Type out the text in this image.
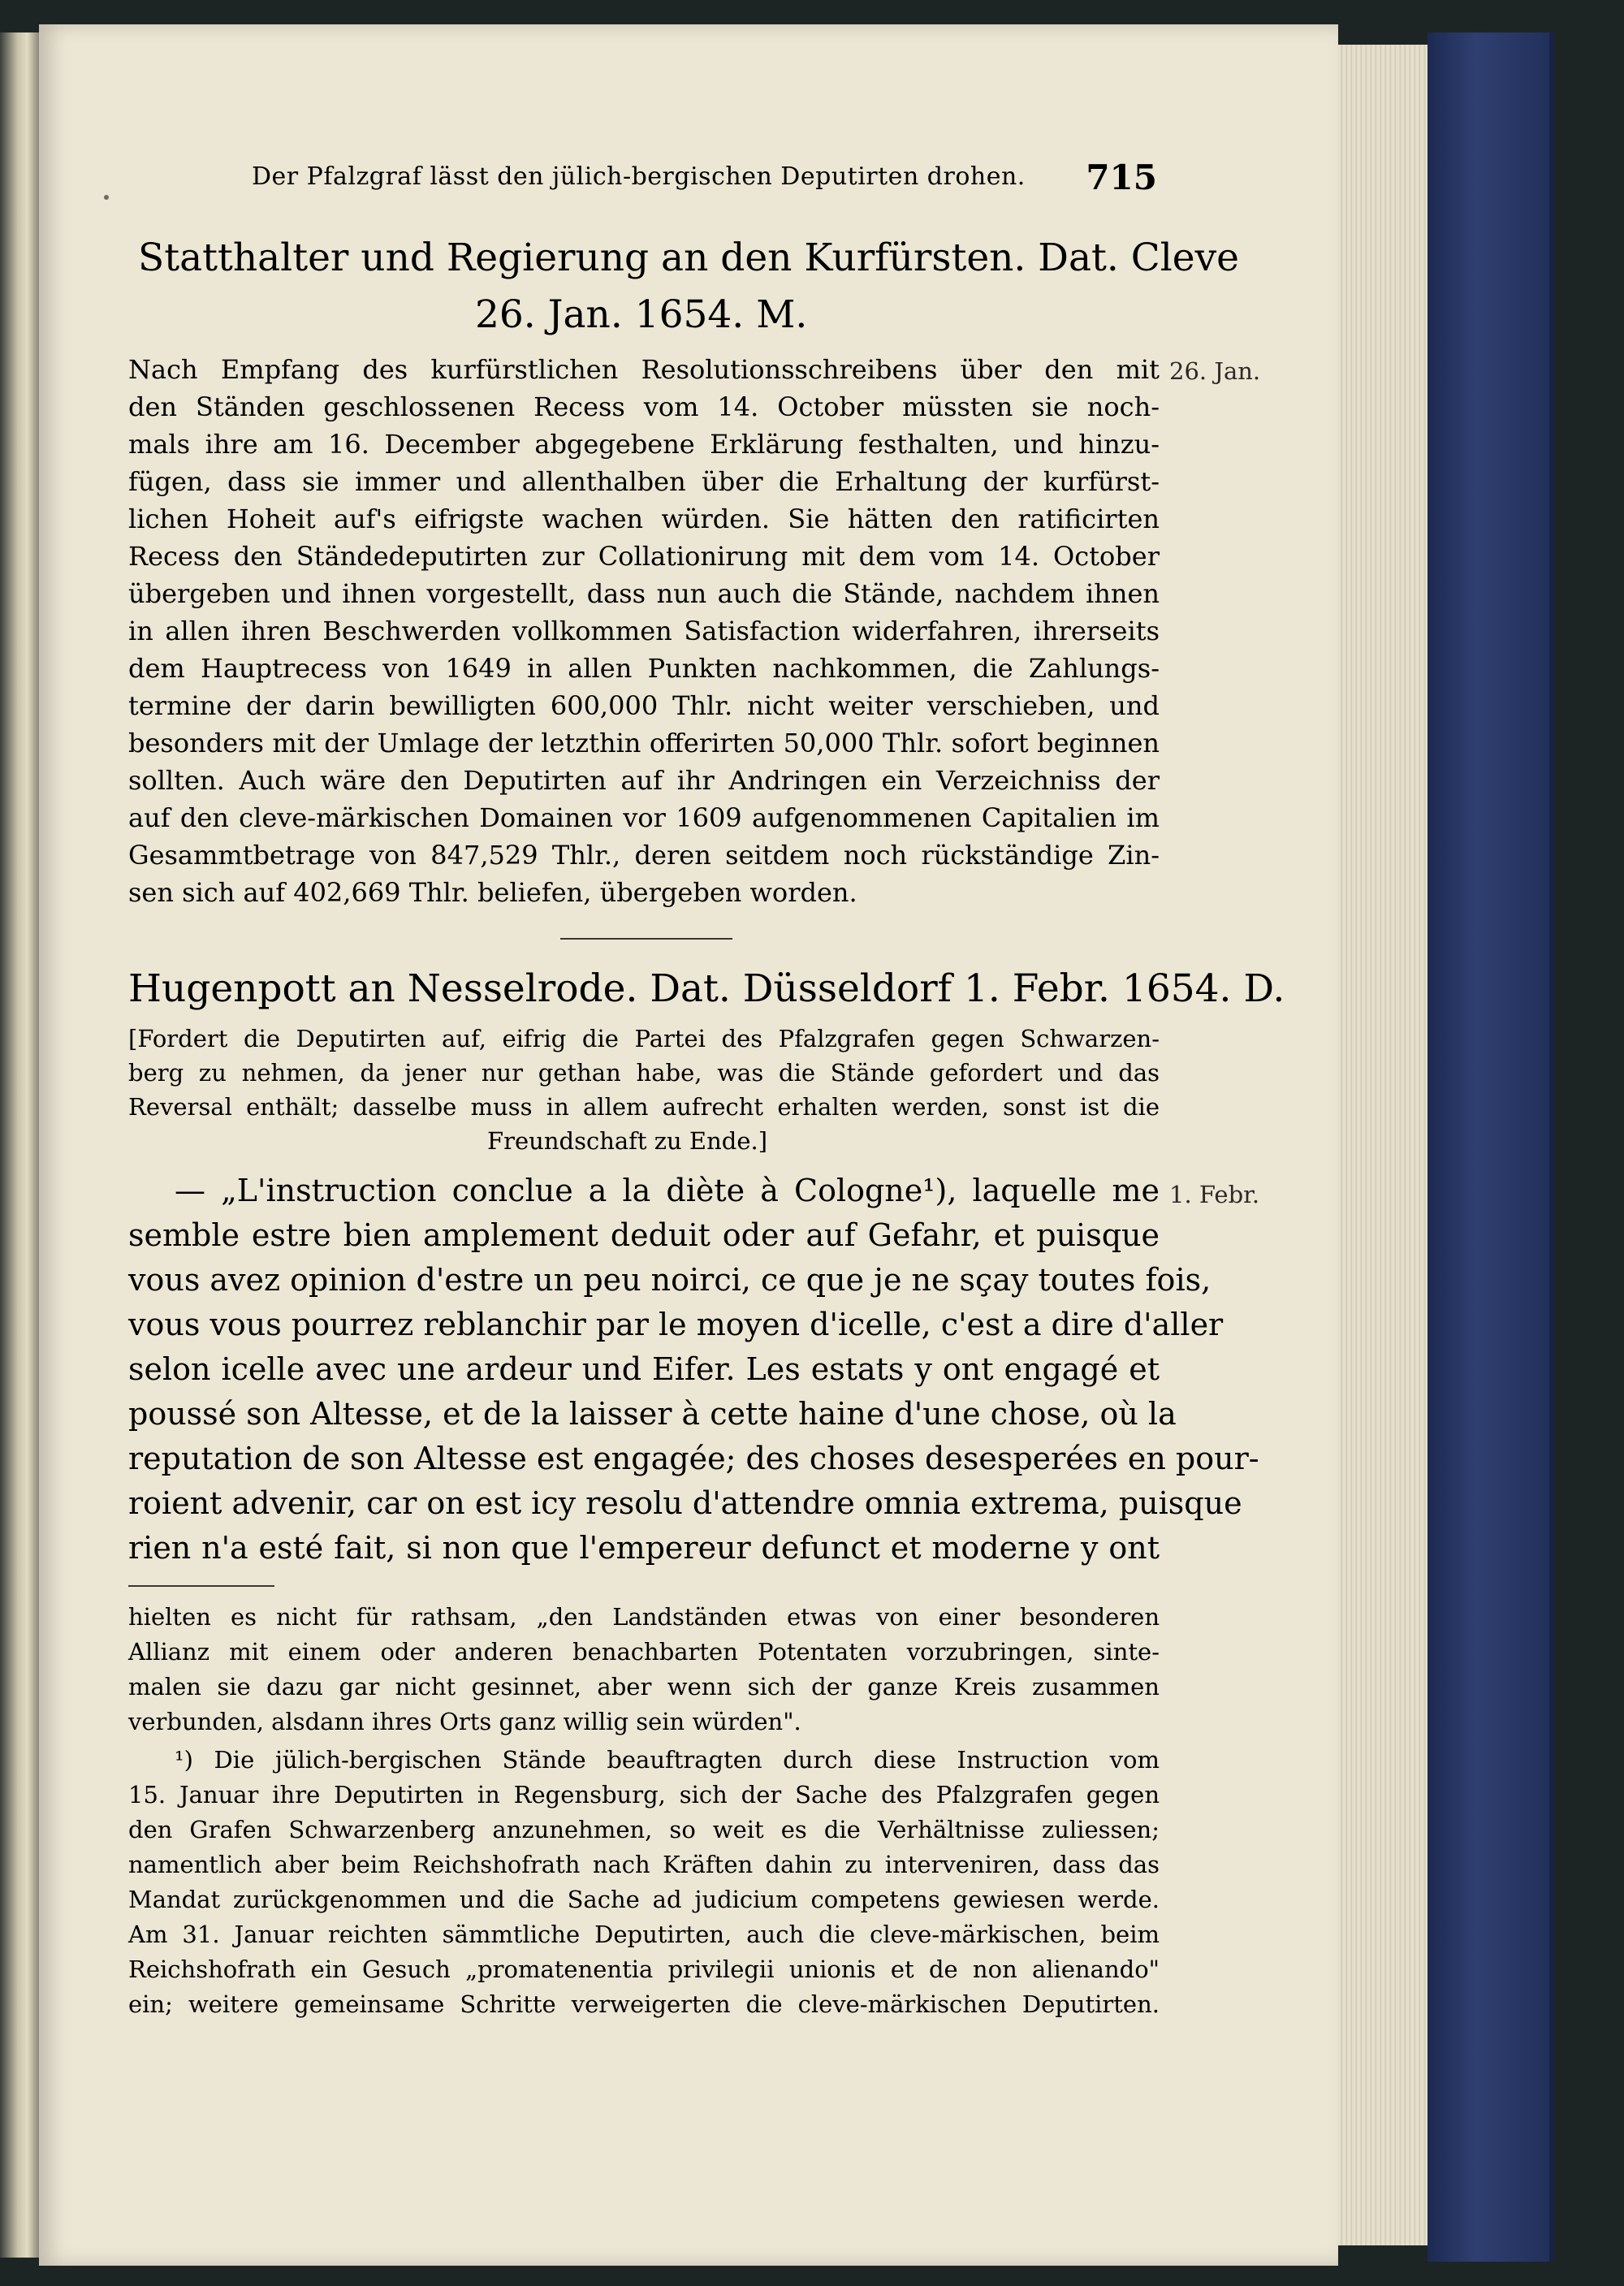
Der Pfalzgraf lässt den jülich-bergischen Deputirten drohen. 715
Statthalter und Regierung an den Kurfürsten. Dat. Cleve
26. Jan. 1654. M.
26. Jan.
Nach Empfang des kurfürstlichen Resolutionsschreibens über den mit
den Ständen geschlossenen Recess vom 14. October müssten sie noch-
mals ihre am 16. December abgegebene Erklärung festhalten, und hinzu-
fügen, dass sie immer und allenthalben über die Erhaltung der kurfürst-
lichen Hoheit auf's eifrigste wachen würden. Sie hätten den ratificirten
Recess den Ständedeputirten zur Collationirung mit dem vom 14. October
übergeben und ihnen vorgestellt, dass nun auch die Stände, nachdem ihnen
in allen ihren Beschwerden vollkommen Satisfaction widerfahren, ihrerseits
dem Hauptrecess von 1649 in allen Punkten nachkommen, die Zahlungs-
termine der darin bewilligten 600,000 Thlr. nicht weiter verschieben, und
besonders mit der Umlage der letzthin offerirten 50,000 Thlr. sofort beginnen
sollten. Auch wäre den Deputirten auf ihr Andringen ein Verzeichniss der
auf den cleve-märkischen Domainen vor 1609 aufgenommenen Capitalien im
Gesammtbetrage von 847,529 Thlr., deren seitdem noch rückständige Zin-
sen sich auf 402,669 Thlr. beliefen, übergeben worden.
Hugenpott an Nesselrode. Dat. Düsseldorf 1. Febr. 1654. D.
[Fordert die Deputirten auf, eifrig die Partei des Pfalzgrafen gegen Schwarzen-
berg zu nehmen, da jener nur gethan habe, was die Stände gefordert und das
Reversal enthält; dasselbe muss in allem aufrecht erhalten werden, sonst ist die
Freundschaft zu Ende.]
1. Febr.
— „L'instruction conclue a la diète à Cologne¹), laquelle me
semble estre bien amplement deduit oder auf Gefahr, et puisque
vous avez opinion d'estre un peu noirci, ce que je ne sçay toutes fois,
vous vous pourrez reblanchir par le moyen d'icelle, c'est a dire d'aller
selon icelle avec une ardeur und Eifer. Les estats y ont engagé et
poussé son Altesse, et de la laisser à cette haine d'une chose, où la
reputation de son Altesse est engagée; des choses desesperées en pour-
roient advenir, car on est icy resolu d'attendre omnia extrema, puisque
rien n'a esté fait, si non que l'empereur defunct et moderne y ont
hielten es nicht für rathsam, „den Landständen etwas von einer besonderen
Allianz mit einem oder anderen benachbarten Potentaten vorzubringen, sinte-
malen sie dazu gar nicht gesinnet, aber wenn sich der ganze Kreis zusammen
verbunden, alsdann ihres Orts ganz willig sein würden".
¹) Die jülich-bergischen Stände beauftragten durch diese Instruction vom
15. Januar ihre Deputirten in Regensburg, sich der Sache des Pfalzgrafen gegen
den Grafen Schwarzenberg anzunehmen, so weit es die Verhältnisse zuliessen;
namentlich aber beim Reichshofrath nach Kräften dahin zu interveniren, dass das
Mandat zurückgenommen und die Sache ad judicium competens gewiesen werde.
Am 31. Januar reichten sämmtliche Deputirten, auch die cleve-märkischen, beim
Reichshofrath ein Gesuch „promatenentia privilegii unionis et de non alienando"
ein; weitere gemeinsame Schritte verweigerten die cleve-märkischen Deputirten.
